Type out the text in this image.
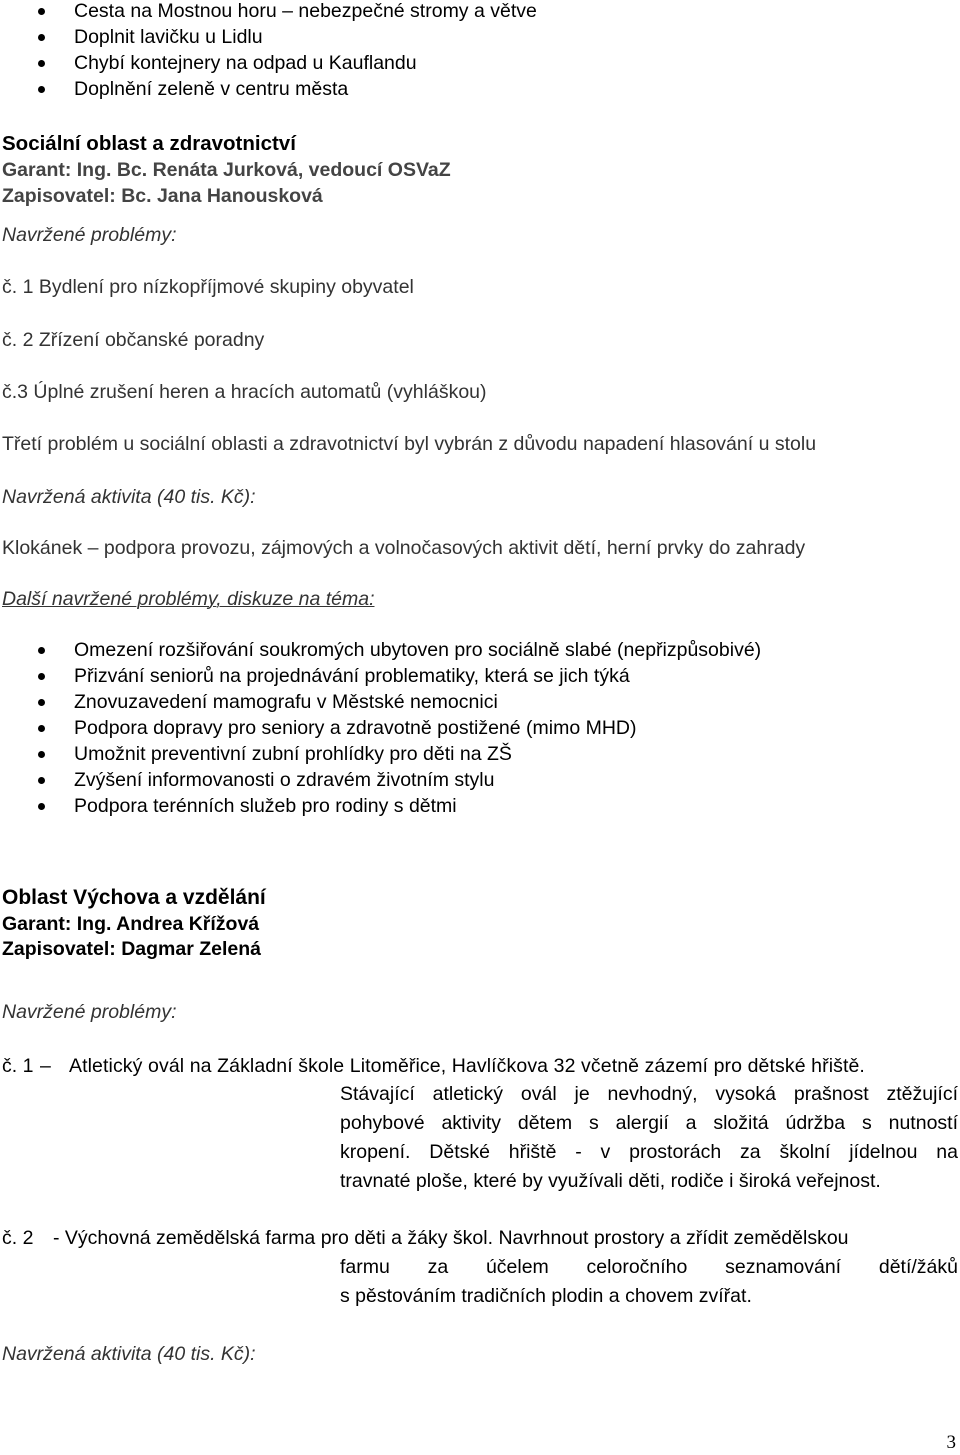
Cesta na Mostnou horu – nebezpečné stromy a větve
Doplnit lavičku u Lidlu
Chybí kontejnery na odpad u Kauflandu
Doplnění zeleně v centru města
Sociální oblast a zdravotnictví
Garant: Ing. Bc. Renáta Jurková, vedoucí OSVaZ
Zapisovatel: Bc. Jana Hanousková
Navržené problémy:
č. 1 Bydlení pro nízkopříjmové skupiny obyvatel
č. 2 Zřízení občanské poradny
č.3 Úplné zrušení heren a hracích automatů (vyhláškou)
Třetí problém u sociální oblasti a zdravotnictví byl vybrán z důvodu napadení hlasování u stolu
Navržená aktivita (40 tis. Kč):
Klokánek – podpora provozu, zájmových a volnočasových aktivit dětí, herní prvky do zahrady
Další navržené problémy, diskuze na téma:
Omezení rozšiřování soukromých ubytoven pro sociálně slabé (nepřizpůsobivé)
Přizvání seniorů na projednávání problematiky, která se jich týká
Znovuzavedení mamografu v Městské nemocnici
Podpora dopravy pro seniory a zdravotně postižené (mimo MHD)
Umožnit preventivní zubní prohlídky pro děti na ZŠ
Zvýšení informovanosti o zdravém životním stylu
Podpora terénních služeb pro rodiny s dětmi
Oblast Výchova a vzdělání
Garant: Ing. Andrea Křížová
Zapisovatel: Dagmar Zelená
Navržené problémy:
č. 1 – Atletický ovál na Základní škole Litoměřice, Havlíčkova 32 včetně zázemí pro dětské hřiště.
Stávající atletický ovál je nevhodný, vysoká prašnost ztěžující
pohybové aktivity dětem s alergií a složitá údržba s nutností
kropení. Dětské hřiště - v prostorách za školní jídelnou na
travnaté ploše, které by využívali děti, rodiče i široká veřejnost.
č. 2 - Výchovná zemědělská farma pro děti a žáky škol. Navrhnout prostory a zřídit zemědělskou
farmu za účelem celoročního seznamování dětí/žáků
s pěstováním tradičních plodin a chovem zvířat.
Navržená aktivita (40 tis. Kč):
3
